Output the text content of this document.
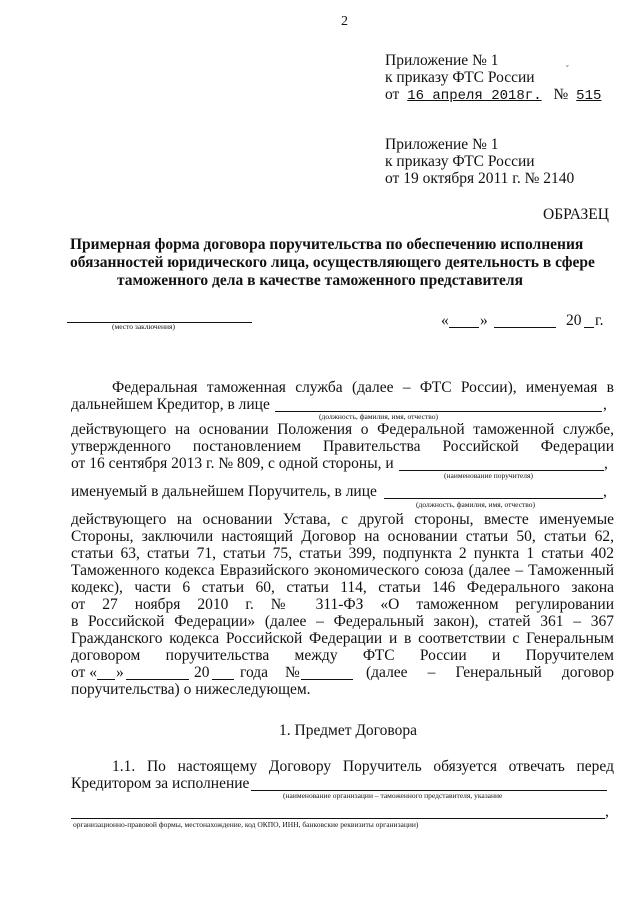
2
Приложение № 1
к приказу ФТС России
от 16 апреля 2018г. № 515
ˇ
Приложение № 1
к приказу ФТС России
от 19 октября 2011 г. № 2140
ОБРАЗЕЦ
Примерная форма договора поручительства по обеспечению исполнения
обязанностей юридического лица, осуществляющего деятельность в сфере
таможенного дела в качестве таможенного представителя
(место заключения)	« »	20 г.
Федеральная таможенная служба (далее – ФТС России), именуемая в
дальнейшем Кредитор, в лице	,
(должность, фамилия, имя, отчество)
действующего на основании Положения о Федеральной таможенной службе,
утвержденного постановлением Правительства Российской Федерации
от 16 сентября 2013 г. № 809, с одной стороны, и	,
(наименование поручителя)
именуемый в дальнейшем Поручитель, в лице	,
(должность, фамилия, имя, отчество)
действующего на основании Устава, с другой стороны, вместе именуемые
Стороны, заключили настоящий Договор на основании статьи 50, статьи 62,
статьи 63, статьи 71, статьи 75, статьи 399, подпункта 2 пункта 1 статьи 402
Таможенного кодекса Евразийского экономического союза (далее – Таможенный
кодекс), части 6 статьи 60, статьи 114, статьи 146 Федерального закона
от 27 ноября 2010 г. № 311-ФЗ «О таможенном регулировании
в Российской Федерации» (далее – Федеральный закон), статей 361 – 367
Гражданского кодекса Российской Федерации и в соответствии с Генеральным
договором поручительства между ФТС России и Поручителем
от « »	20 года №	(далее – Генеральный договор
поручительства) о нижеследующем.
1. Предмет Договора
1.1. По настоящему Договору Поручитель обязуется отвечать перед
Кредитором за исполнение
(наименование организации – таможенного представителя, указание
,
организационно-правовой формы, местонахождение, код ОКПО, ИНН, банковские реквизиты организации)
